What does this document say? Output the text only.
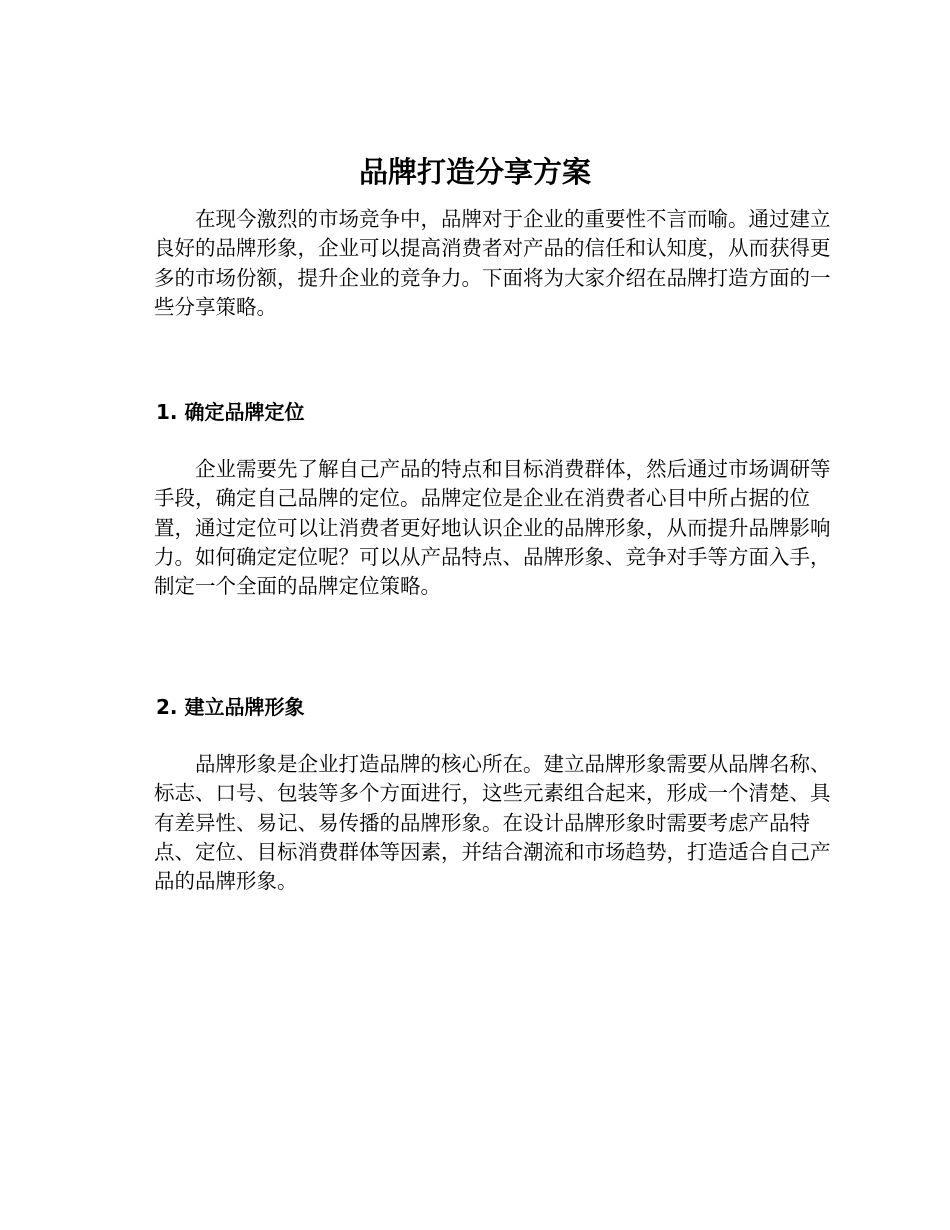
品牌打造分享方案
在现今激烈的市场竞争中，品牌对于企业的重要性不言而喻。通过建立
良好的品牌形象，企业可以提高消费者对产品的信任和认知度，从而获得更
多的市场份额，提升企业的竞争力。下面将为大家介绍在品牌打造方面的一
些分享策略。
1. 确定品牌定位
企业需要先了解自己产品的特点和目标消费群体，然后通过市场调研等
手段，确定自己品牌的定位。品牌定位是企业在消费者心目中所占据的位
置，通过定位可以让消费者更好地认识企业的品牌形象，从而提升品牌影响
力。如何确定定位呢？可以从产品特点、品牌形象、竞争对手等方面入手，
制定一个全面的品牌定位策略。
2. 建立品牌形象
品牌形象是企业打造品牌的核心所在。建立品牌形象需要从品牌名称、
标志、口号、包装等多个方面进行，这些元素组合起来，形成一个清楚、具
有差异性、易记、易传播的品牌形象。在设计品牌形象时需要考虑产品特
点、定位、目标消费群体等因素，并结合潮流和市场趋势，打造适合自己产
品的品牌形象。
